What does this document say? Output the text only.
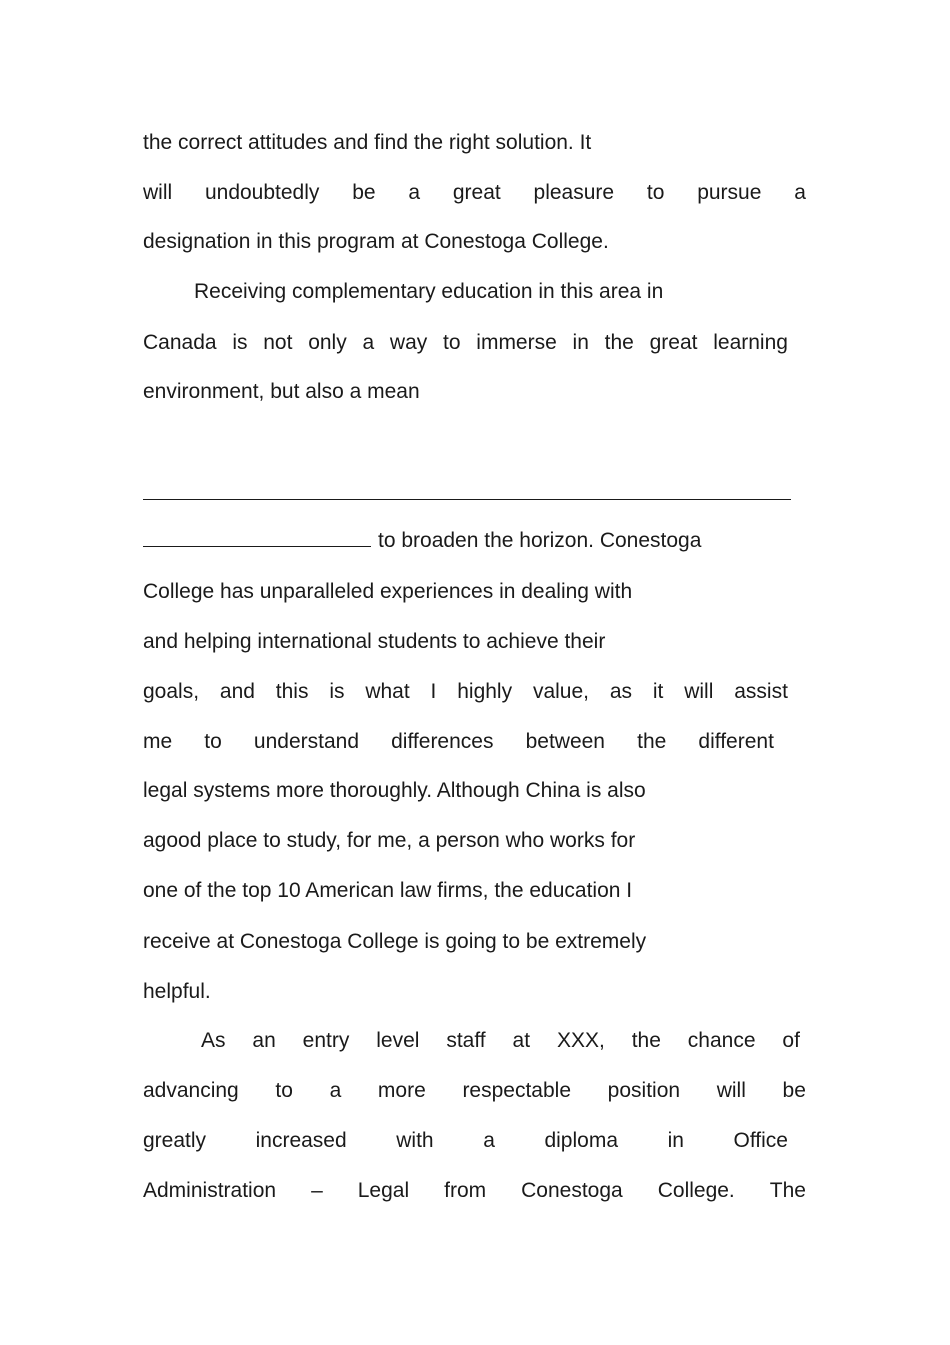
the correct attitudes and find the right solution. It
will undoubtedly be a great pleasure to pursue a
designation in this program at Conestoga College.
Receiving complementary education in this area in
Canada is not only a way to immerse in the great learning
environment, but also a mean
to broaden the horizon. Conestoga
College has unparalleled experiences in dealing with
and helping international students to achieve their
goals, and this is what I highly value, as it will assist
me to understand differences between the different
legal systems more thoroughly. Although China is also
agood place to study, for me, a person who works for
one of the top 10 American law firms, the education I
receive at Conestoga College is going to be extremely
helpful.
As an entry level staff at XXX, the chance of
advancing to a more respectable position will be
greatly increased with a diploma in Office
Administration – Legal from Conestoga College. The
